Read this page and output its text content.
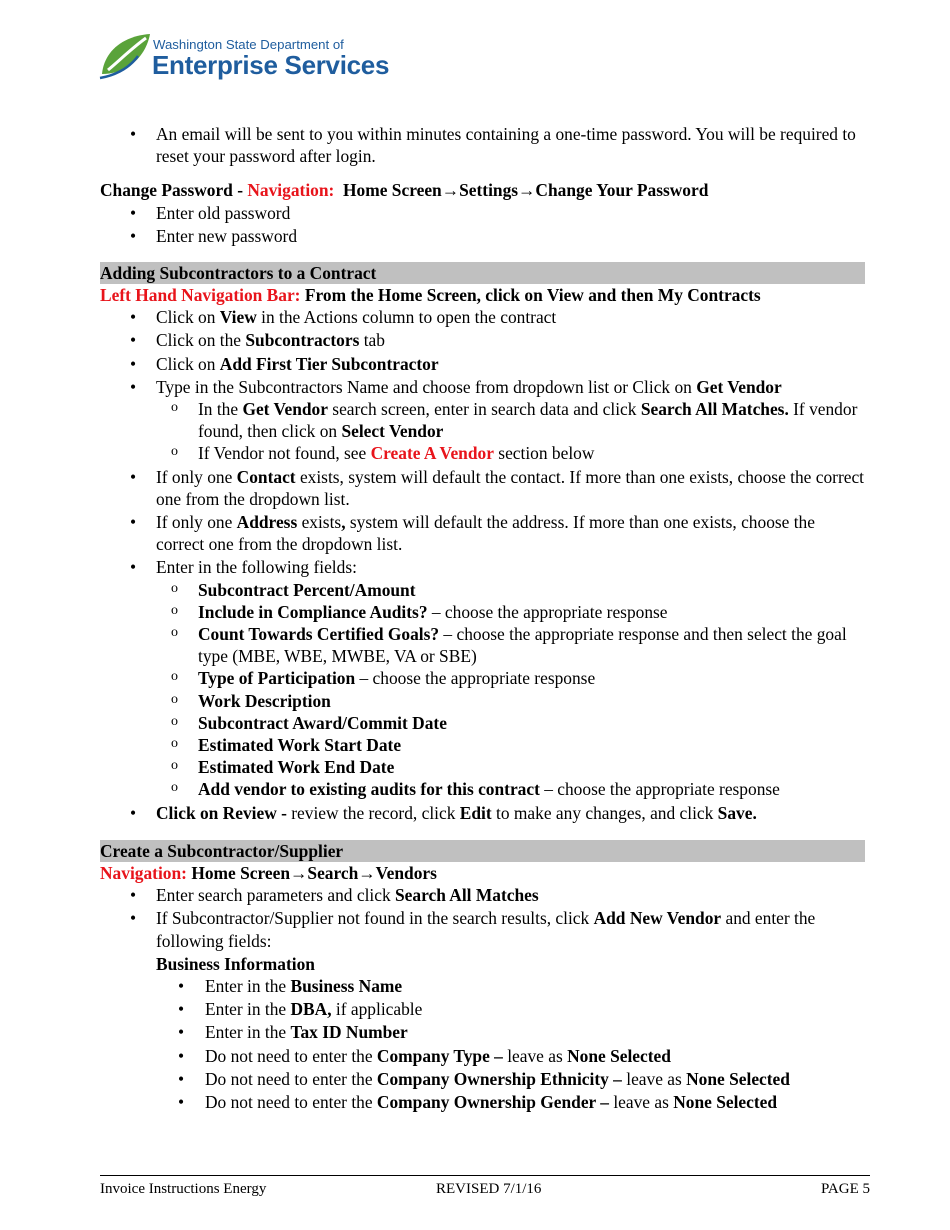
Washington State Department of
Enterprise Services
• An email will be sent to you within minutes containing a one-time password. You will be required to reset your password after login.

Change Password - Navigation: Home Screen→Settings→Change Your Password

• Enter old password
• Enter new password
Adding Subcontractors to a Contract

Left Hand Navigation Bar: From the Home Screen, click on View and then My Contracts

• Click on View in the Actions column to open the contract
• Click on the Subcontractors tab
• Click on Add First Tier Subcontractor
• Type in the Subcontractors Name and choose from dropdown list or Click on Get Vendor
o In the Get Vendor search screen, enter in search data and click Search All Matches. If vendor found, then click on Select Vendor
o If Vendor not found, see Create A Vendor section below
• If only one Contact exists, system will default the contact. If more than one exists, choose the correct one from the dropdown list.
• If only one Address exists, system will default the address. If more than one exists, choose the correct one from the dropdown list.
• Enter in the following fields:
o Subcontract Percent/Amount
o Include in Compliance Audits? – choose the appropriate response
o Count Towards Certified Goals? – choose the appropriate response and then select the goal type (MBE, WBE, MWBE, VA or SBE)
o Type of Participation – choose the appropriate response
o Work Description
o Subcontract Award/Commit Date
o Estimated Work Start Date
o Estimated Work End Date
o Add vendor to existing audits for this contract – choose the appropriate response
• Click on Review - review the record, click Edit to make any changes, and click Save.
Create a Subcontractor/Supplier

Navigation: Home Screen→Search→Vendors

• Enter search parameters and click Search All Matches
• If Subcontractor/Supplier not found in the search results, click Add New Vendor and enter the following fields:
Business Information
• Enter in the Business Name
• Enter in the DBA, if applicable
• Enter in the Tax ID Number
• Do not need to enter the Company Type – leave as None Selected
• Do not need to enter the Company Ownership Ethnicity – leave as None Selected
• Do not need to enter the Company Ownership Gender – leave as None Selected
Invoice Instructions Energy	REVISED 7/1/16	PAGE 5
